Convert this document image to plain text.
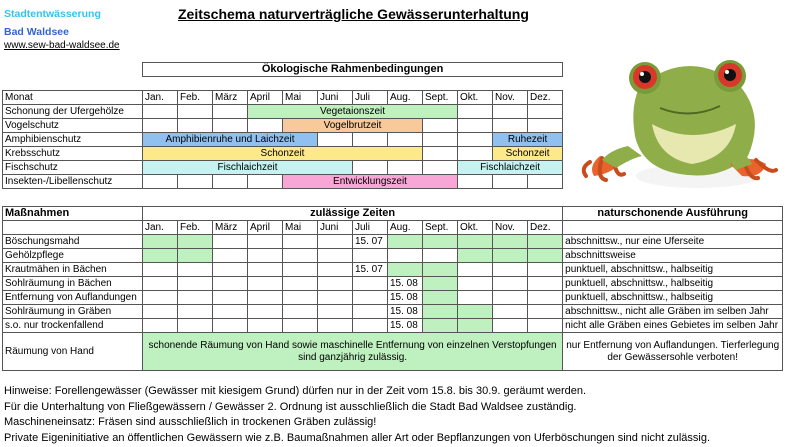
Stadtentwässerung
Bad Waldsee
www.sew-bad-waldsee.de
Zeitschema naturverträgliche Gewässerunterhaltung
	Ökologische Rahmenbedingungen											

Monat	Jan.	Feb.	März	April	Mai	Juni	Juli	Aug.	Sept.	Okt.	Nov.	Dez.
Schonung der Ufergehölze				Vegetaionszeit								
Vogelschutz					Vogelbrutzeit							
Amphibienschutz	Amphibienruhe und Laichzeit										Ruhezeit	
Krebsschutz	Schonzeit										Schonzeit	
Fischschutz	Fischlaichzeit									Fischlaichzeit		
Insekten-/Libellenschutz					Entwicklungszeit							
Maßnahmen	zulässige Zeiten												naturschonende Ausführung
	Jan.	Feb.	März	April	Mai	Juni	Juli	Aug.	Sept.	Okt.	Nov.	Dez.	
Böschungsmahd							15. 07						abschnittsw., nur eine Uferseite
Gehölzpflege													abschnittsweise
Krautmähen in Bächen							15. 07						punktuell, abschnittsw., halbseitig
Sohlräumung in Bächen								15. 08					punktuell, abschnittsw., halbseitig
Entfernung von Auflandungen								15. 08					punktuell, abschnittsw., halbseitig
Sohlräumung in Gräben								15. 08					abschnittsw., nicht alle Gräben im selben Jahr
s.o. nur trockenfallend								15. 08					nicht alle Gräben eines Gebietes im selben Jahr
Räumung von Hand	schonende Räumung von Hand sowie maschinelle Entfernung von einzelnen Verstopfungen sind ganzjährig zulässig.												nur Entfernung von Auflandungen. Tierferlegung der Gewässersohle verboten!
Hinweise: Forellengewässer (Gewässer mit kiesigem Grund) dürfen nur in der Zeit vom 15.8. bis 30.9. geräumt werden.
Für die Unterhaltung von Fließgewässern / Gewässer 2. Ordnung ist ausschließlich die Stadt Bad Waldsee zuständig.
Maschineneinsatz: Fräsen sind ausschließlich in trockenen Gräben zulässig!
Private Eigeninitiative an öffentlichen Gewässern wie z.B. Baumaßnahmen aller Art oder Bepflanzungen von Uferböschungen sind nicht zulässig.
